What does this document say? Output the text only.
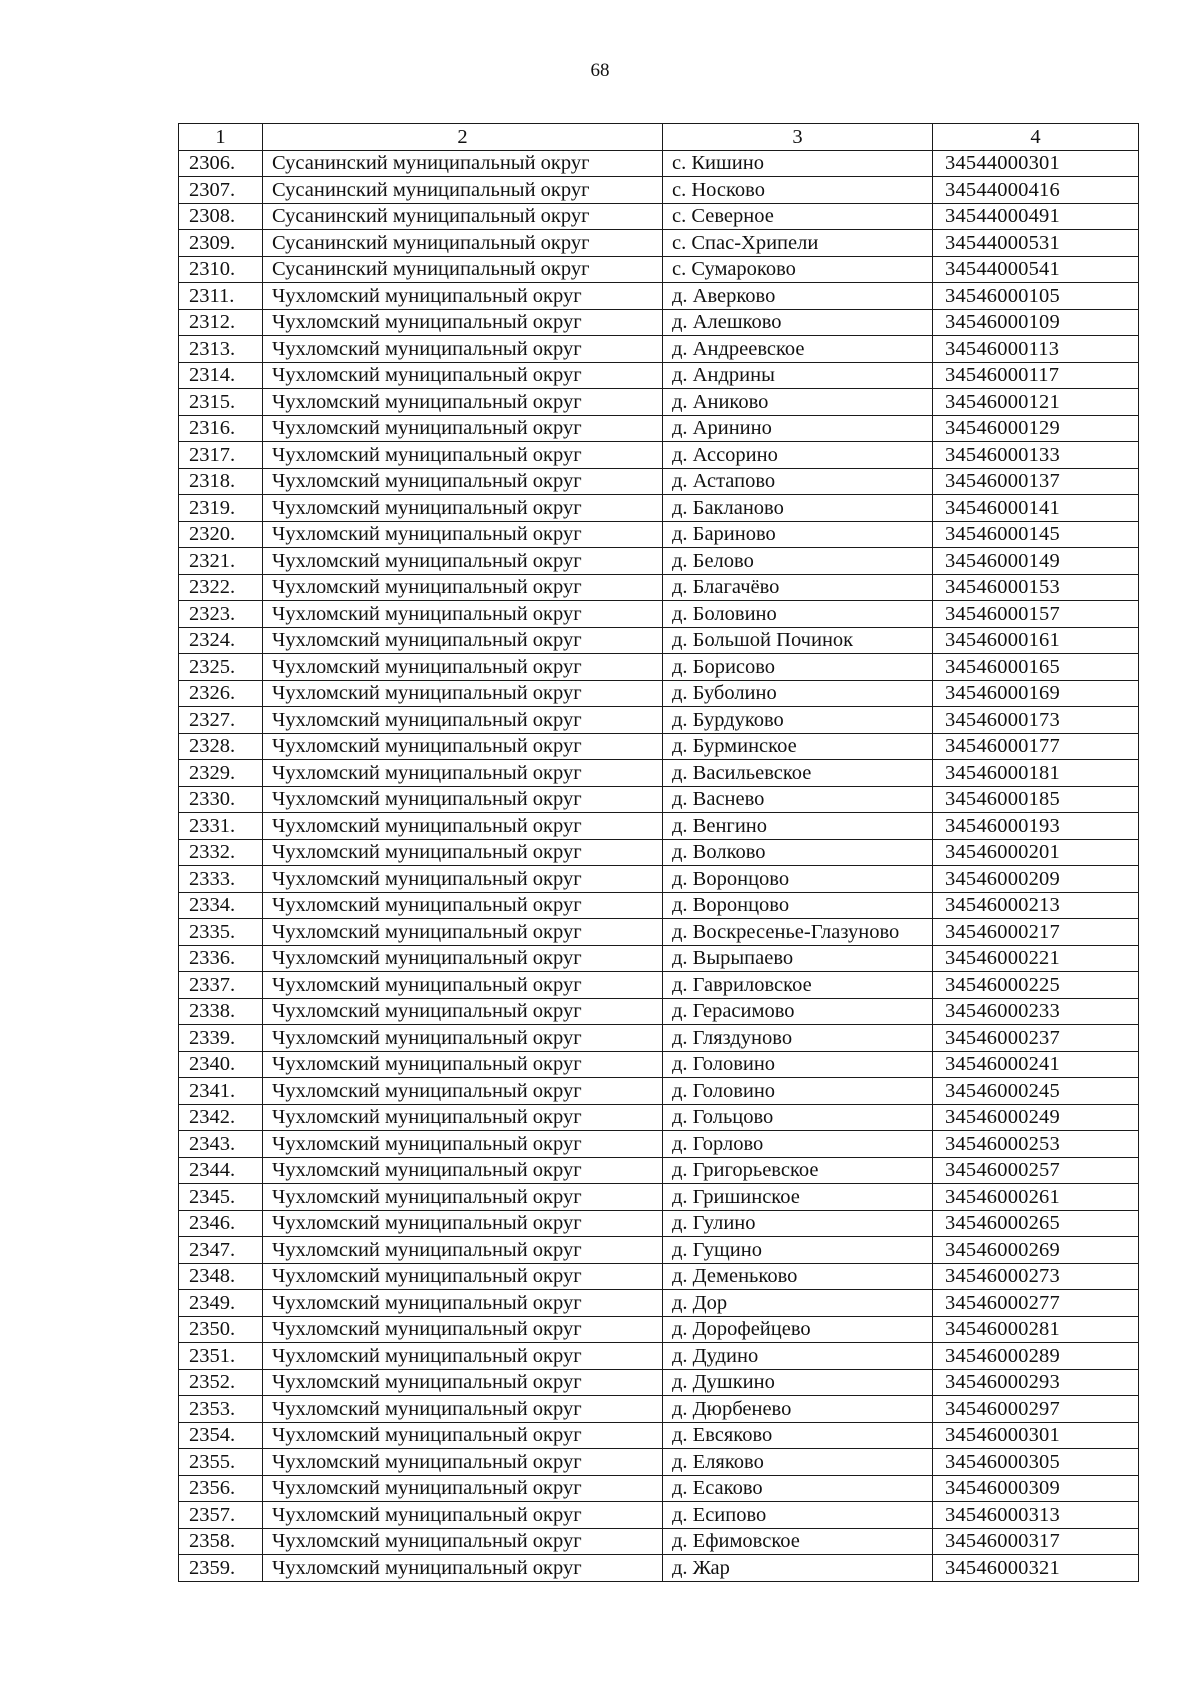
68
1	2	3	4
2306.	Сусанинский муниципальный округ	с. Кишино	34544000301
2307.	Сусанинский муниципальный округ	с. Носково	34544000416
2308.	Сусанинский муниципальный округ	с. Северное	34544000491
2309.	Сусанинский муниципальный округ	с. Спас-Хрипели	34544000531
2310.	Сусанинский муниципальный округ	с. Сумароково	34544000541
2311.	Чухломский муниципальный округ	д. Аверково	34546000105
2312.	Чухломский муниципальный округ	д. Алешково	34546000109
2313.	Чухломский муниципальный округ	д. Андреевское	34546000113
2314.	Чухломский муниципальный округ	д. Андрины	34546000117
2315.	Чухломский муниципальный округ	д. Аниково	34546000121
2316.	Чухломский муниципальный округ	д. Аринино	34546000129
2317.	Чухломский муниципальный округ	д. Ассорино	34546000133
2318.	Чухломский муниципальный округ	д. Астапово	34546000137
2319.	Чухломский муниципальный округ	д. Бакланово	34546000141
2320.	Чухломский муниципальный округ	д. Бариново	34546000145
2321.	Чухломский муниципальный округ	д. Белово	34546000149
2322.	Чухломский муниципальный округ	д. Благачёво	34546000153
2323.	Чухломский муниципальный округ	д. Боловино	34546000157
2324.	Чухломский муниципальный округ	д. Большой Починок	34546000161
2325.	Чухломский муниципальный округ	д. Борисово	34546000165
2326.	Чухломский муниципальный округ	д. Буболино	34546000169
2327.	Чухломский муниципальный округ	д. Бурдуково	34546000173
2328.	Чухломский муниципальный округ	д. Бурминское	34546000177
2329.	Чухломский муниципальный округ	д. Васильевское	34546000181
2330.	Чухломский муниципальный округ	д. Васнево	34546000185
2331.	Чухломский муниципальный округ	д. Венгино	34546000193
2332.	Чухломский муниципальный округ	д. Волково	34546000201
2333.	Чухломский муниципальный округ	д. Воронцово	34546000209
2334.	Чухломский муниципальный округ	д. Воронцово	34546000213
2335.	Чухломский муниципальный округ	д. Воскресенье-Глазуново	34546000217
2336.	Чухломский муниципальный округ	д. Вырыпаево	34546000221
2337.	Чухломский муниципальный округ	д. Гавриловское	34546000225
2338.	Чухломский муниципальный округ	д. Герасимово	34546000233
2339.	Чухломский муниципальный округ	д. Гляздуново	34546000237
2340.	Чухломский муниципальный округ	д. Головино	34546000241
2341.	Чухломский муниципальный округ	д. Головино	34546000245
2342.	Чухломский муниципальный округ	д. Гольцово	34546000249
2343.	Чухломский муниципальный округ	д. Горлово	34546000253
2344.	Чухломский муниципальный округ	д. Григорьевское	34546000257
2345.	Чухломский муниципальный округ	д. Гришинское	34546000261
2346.	Чухломский муниципальный округ	д. Гулино	34546000265
2347.	Чухломский муниципальный округ	д. Гущино	34546000269
2348.	Чухломский муниципальный округ	д. Деменьково	34546000273
2349.	Чухломский муниципальный округ	д. Дор	34546000277
2350.	Чухломский муниципальный округ	д. Дорофейцево	34546000281
2351.	Чухломский муниципальный округ	д. Дудино	34546000289
2352.	Чухломский муниципальный округ	д. Душкино	34546000293
2353.	Чухломский муниципальный округ	д. Дюрбенево	34546000297
2354.	Чухломский муниципальный округ	д. Евсяково	34546000301
2355.	Чухломский муниципальный округ	д. Еляково	34546000305
2356.	Чухломский муниципальный округ	д. Есаково	34546000309
2357.	Чухломский муниципальный округ	д. Есипово	34546000313
2358.	Чухломский муниципальный округ	д. Ефимовское	34546000317
2359.	Чухломский муниципальный округ	д. Жар	34546000321
